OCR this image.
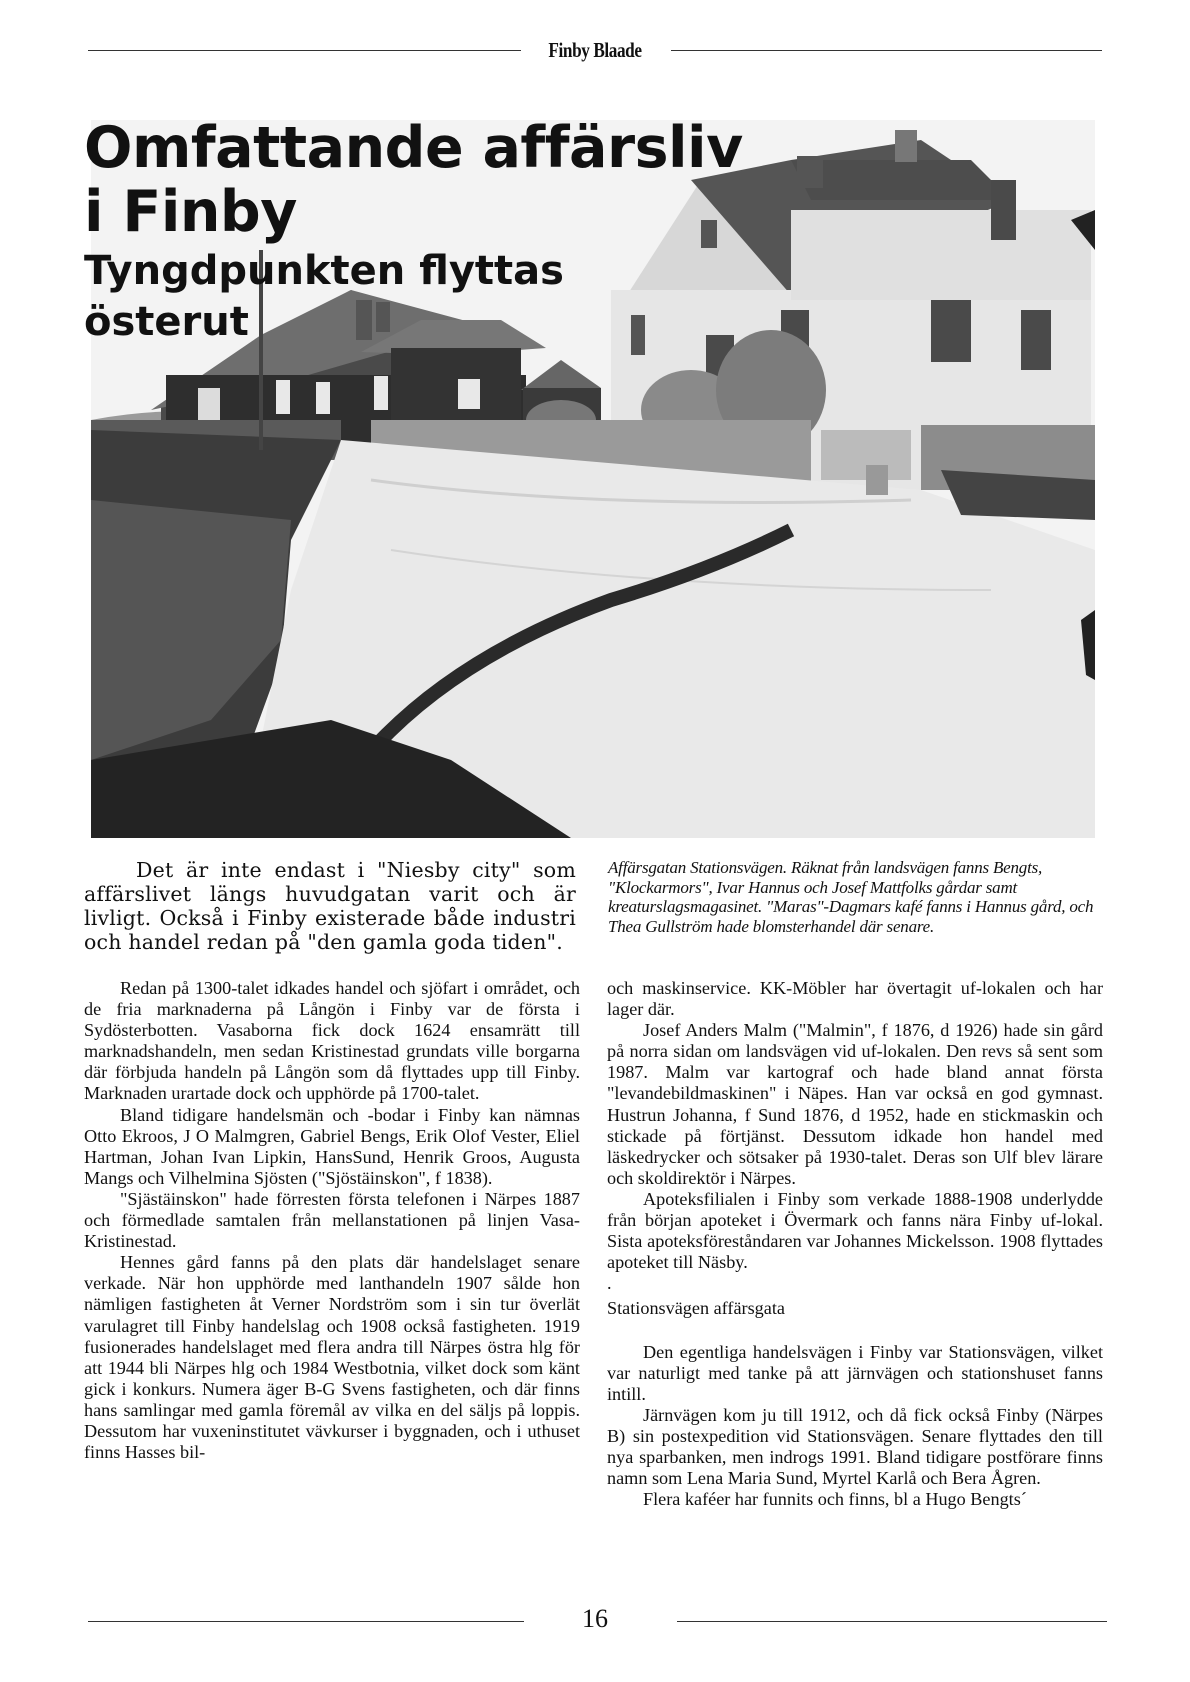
Finby Blaade
Omfattande affärsliv
i Finby
Tyngdpunkten flyttas österut

Det är inte endast i "Niesby city" som affärslivet längs huvudgatan varit och är livligt. Också i Finby existerade både industri och handel redan på "den gamla goda tiden".

Affärsgatan Stationsvägen. Räknat från landsvägen fanns Bengts, "Klockarmors", Ivar Hannus och Josef Mattfolks gårdar samt kreaturslagsmagasinet. "Maras"-Dagmars kafé fanns i Hannus gård, och Thea Gullström hade blomsterhandel där senare.

Redan på 1300-talet idkades handel och sjöfart i området, och de fria marknaderna på Långön i Finby var de första i Sydösterbotten. Vasaborna fick dock 1624 ensamrätt till marknadshandeln, men sedan Kristinestad grundats ville borgarna där förbjuda handeln på Långön som då flyttades upp till Finby. Marknaden urartade dock och upphörde på 1700-talet.

Bland tidigare handelsmän och -bodar i Finby kan nämnas Otto Ekroos, J O Malmgren, Gabriel Bengs, Erik Olof Vester, Eliel Hartman, Johan Ivan Lipkin, HansSund, Henrik Groos, Augusta Mangs och Vilhelmina Sjösten ("Sjöstäinskon", f 1838).

"Sjästäinskon" hade förresten första telefonen i Närpes 1887 och förmedlade samtalen från mellanstationen på linjen Vasa-Kristinestad.

Hennes gård fanns på den plats där handelslaget senare verkade. När hon upphörde med lanthandeln 1907 sålde hon nämligen fastigheten åt Verner Nordström som i sin tur överlät varulagret till Finby handelslag och 1908 också fastigheten. 1919 fusionerades handelslaget med flera andra till Närpes östra hlg för att 1944 bli Närpes hlg och 1984 Westbotnia, vilket dock som känt gick i konkurs. Numera äger B-G Svens fastigheten, och där finns hans samlingar med gamla föremål av vilka en del säljs på loppis. Dessutom har vuxeninstitutet vävkurser i byggnaden, och i uthuset finns Hasses bil-

och maskinservice. KK-Möbler har övertagit uf-lokalen och har lager där.

Josef Anders Malm ("Malmin", f 1876, d 1926) hade sin gård på norra sidan om landsvägen vid uf-lokalen. Den revs så sent som 1987. Malm var kartograf och hade bland annat första "levandebildmaskinen" i Näpes. Han var också en god gymnast. Hustrun Johanna, f Sund 1876, d 1952, hade en stickmaskin och stickade på förtjänst. Dessutom idkade hon handel med läskedrycker och sötsaker på 1930-talet. Deras son Ulf blev lärare och skoldirektör i Närpes.

Apoteksfilialen i Finby som verkade 1888-1908 underlydde från början apoteket i Övermark och fanns nära Finby uf-lokal. Sista apoteksföreståndaren var Johannes Mickelsson. 1908 flyttades apoteket till Näsby.

.

Stationsvägen affärsgata

Den egentliga handelsvägen i Finby var Stationsvägen, vilket var naturligt med tanke på att järnvägen och stationshuset fanns intill.

Järnvägen kom ju till 1912, och då fick också Finby (Närpes B) sin postexpedition vid Stationsvägen. Senare flyttades den till nya sparbanken, men indrogs 1991. Bland tidigare postförare finns namn som Lena Maria Sund, Myrtel Karlå och Bera Ågren.

Flera kaféer har funnits och finns, bl a Hugo Bengts´

16
